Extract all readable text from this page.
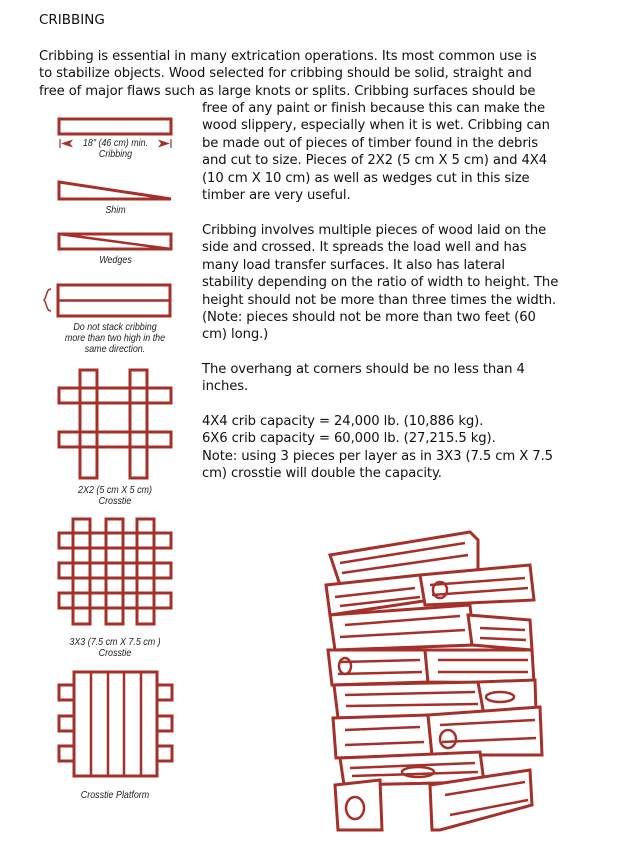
CRIBBING
Cribbing is essential in many extrication operations. Its most common use is
to stabilize objects. Wood selected for cribbing should be solid, straight and
free of major flaws such as large knots or splits. Cribbing surfaces should be
free of any paint or finish because this can make the
wood slippery, especially when it is wet. Cribbing can
be made out of pieces of timber found in the debris
and cut to size. Pieces of 2X2 (5 cm X 5 cm) and 4X4
(10 cm X 10 cm) as well as wedges cut in this size
timber are very useful.
Cribbing involves multiple pieces of wood laid on the
side and crossed. It spreads the load well and has
many load transfer surfaces. It also has lateral
stability depending on the ratio of width to height. The
height should not be more than three times the width.
(Note: pieces should not be more than two feet (60
cm) long.)
The overhang at corners should be no less than 4
inches.
4X4 crib capacity = 24,000 lb. (10,886 kg).
6X6 crib capacity = 60,000 lb. (27,215.5 kg).
Note: using 3 pieces per layer as in 3X3 (7.5 cm X 7.5
cm) crosstie will double the capacity.
18" (46 cm) min.
Cribbing
Shim
Wedges
Do not stack cribbing
more than two high in the
same direction.
2X2 (5 cm X 5 cm)
Crosstie
3X3 (7.5 cm X 7.5 cm )
Crosstie
Crosstie Platform
